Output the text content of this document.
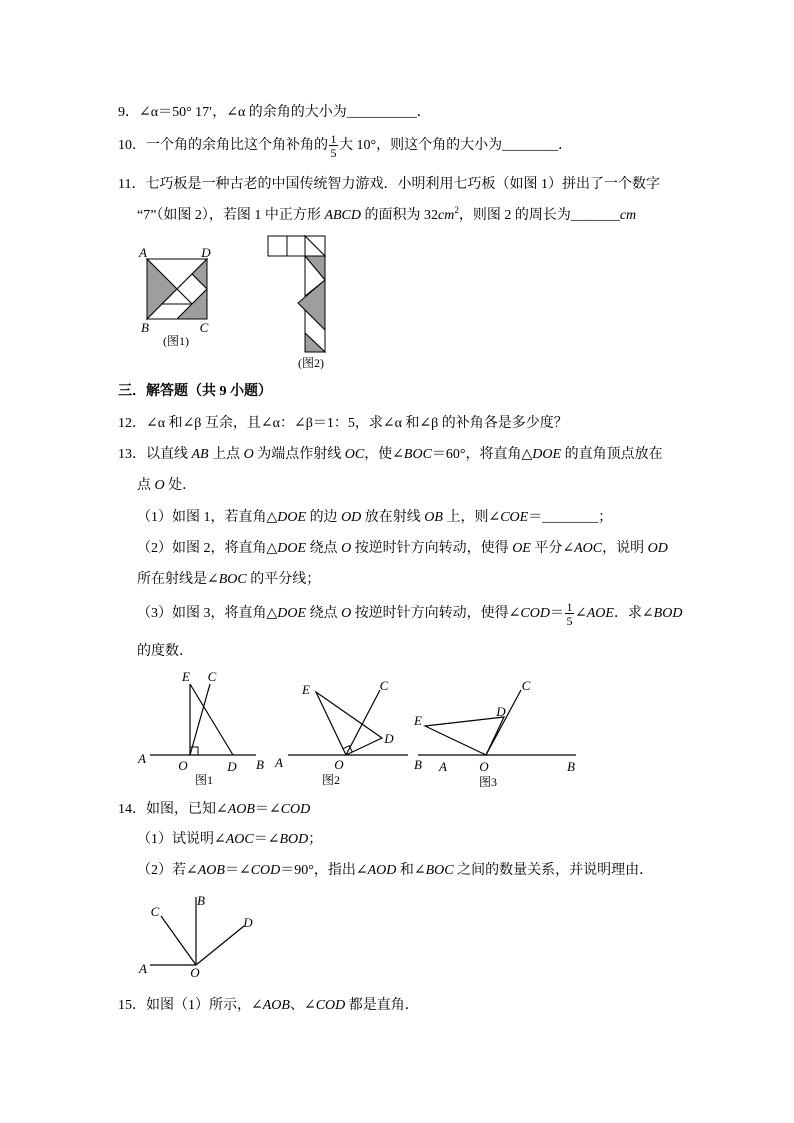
A	D
B	C
(图1)
(图2)
E C
A O	D B
图1
E	C
D
A	O	B
图2
E
D
C
A O	B
图3
C
B
D
A	O
9．∠α＝50° 17′，∠α 的余角的大小为__________．
10．一个角的余角比这个角补角的 $\frac{1}{5}$ 大 10°，则这个角的大小为________．
11．七巧板是一种古老的中国传统智力游戏．小明利用七巧板（如图 1）拼出了一个数字
“7”（如图 2），若图 1 中正方形 ABCD 的面积为 $32cm^2$，则图 2 的周长为_______cm
三．解答题（共 9 小题）
12．∠α 和∠β 互余，且∠α：∠β＝1：5，求∠α 和∠β 的补角各是多少度？
13．以直线 AB 上点 O 为端点作射线 OC，使∠BOC＝60°，将直角△DOE 的直角顶点放在
点 O 处．
（1）如图 1，若直角△DOE 的边 OD 放在射线 OB 上，则∠COE＝________；
（2）如图 2，将直角△DOE 绕点 O 按逆时针方向转动，使得 OE 平分∠AOC，说明 OD
所在射线是∠BOC 的平分线；
（3）如图 3，将直角△DOE 绕点 O 按逆时针方向转动，使得∠COD＝ $\frac{1}{5}$ ∠AOE．求∠BOD
的度数．
14．如图，已知∠AOB＝∠COD
（1）试说明∠AOC＝∠BOD；
（2）若∠AOB＝∠COD＝90°，指出∠AOD 和∠BOC 之间的数量关系，并说明理由．
15．如图（1）所示，∠AOB、∠COD 都是直角．
